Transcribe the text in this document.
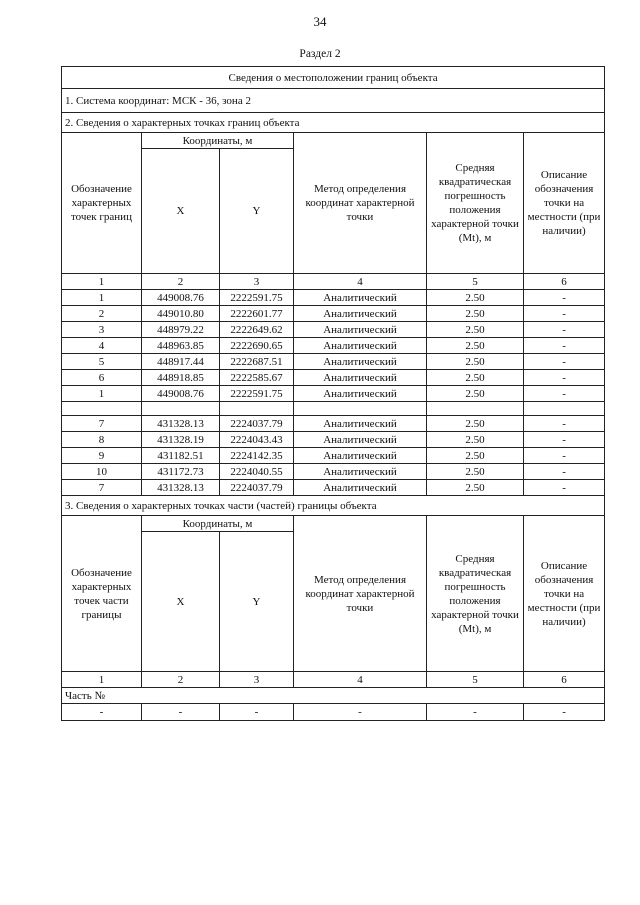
34
Раздел 2
Сведения о местоположении границ объекта					
1. Система координат: МСК - 36, зона 2					
2. Сведения о характерных точках границ объекта					
Обозначение характерных точек границ	Координаты, м		Метод определения координат характерной точки	Средняя квадратическая погрешность положения характерной точки (Mt), м	Описание обозначения точки на местности (при наличии)
	X	Y			
1	2	3	4	5	6
1	449008.76	2222591.75	Аналитический	2.50	-
2	449010.80	2222601.77	Аналитический	2.50	-
3	448979.22	2222649.62	Аналитический	2.50	-
4	448963.85	2222690.65	Аналитический	2.50	-
5	448917.44	2222687.51	Аналитический	2.50	-
6	448918.85	2222585.67	Аналитический	2.50	-
1	449008.76	2222591.75	Аналитический	2.50	-

7	431328.13	2224037.79	Аналитический	2.50	-
8	431328.19	2224043.43	Аналитический	2.50	-
9	431182.51	2224142.35	Аналитический	2.50	-
10	431172.73	2224040.55	Аналитический	2.50	-
7	431328.13	2224037.79	Аналитический	2.50	-
3. Сведения о характерных точках части (частей) границы объекта					
Обозначение характерных точек части границы	Координаты, м		Метод определения координат характерной точки	Средняя квадратическая погрешность положения характерной точки (Mt), м	Описание обозначения точки на местности (при наличии)
	X	Y			
1	2	3	4	5	6
Часть №					
-	-	-	-	-	-
